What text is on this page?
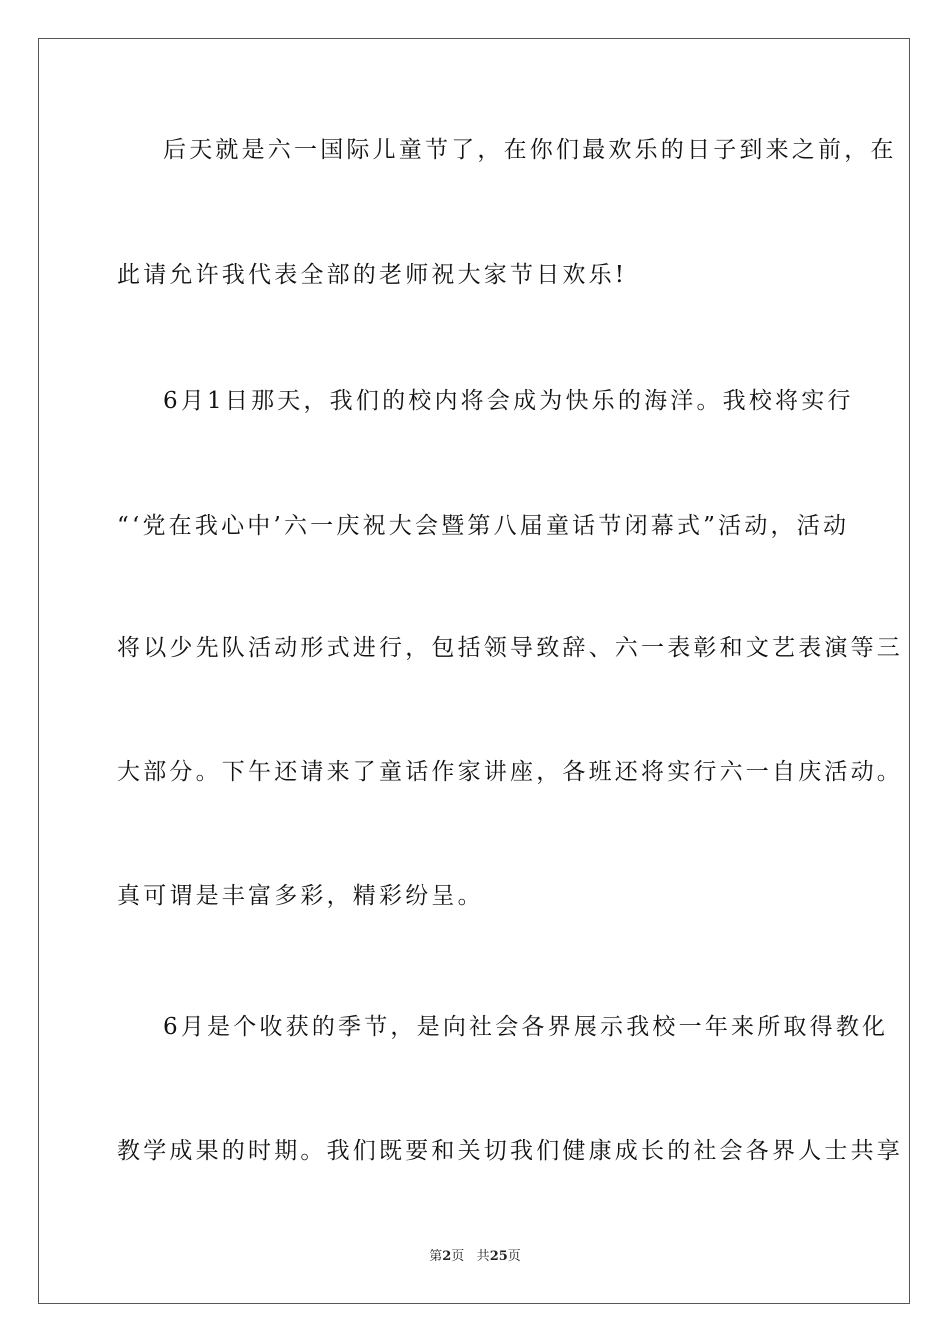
后天就是六一国际儿童节了，在你们最欢乐的日子到来之前，在
此请允许我代表全部的老师祝大家节日欢乐!
6月1日那天，我们的校内将会成为快乐的海洋。我校将实行
“‘党在我心中’六一庆祝大会暨第八届童话节闭幕式”活动，活动
将以少先队活动形式进行，包括领导致辞、六一表彰和文艺表演等三
大部分。下午还请来了童话作家讲座，各班还将实行六一自庆活动。
真可谓是丰富多彩，精彩纷呈。
6月是个收获的季节，是向社会各界展示我校一年来所取得教化
教学成果的时期。我们既要和关切我们健康成长的社会各界人士共享
第2页 共25页
